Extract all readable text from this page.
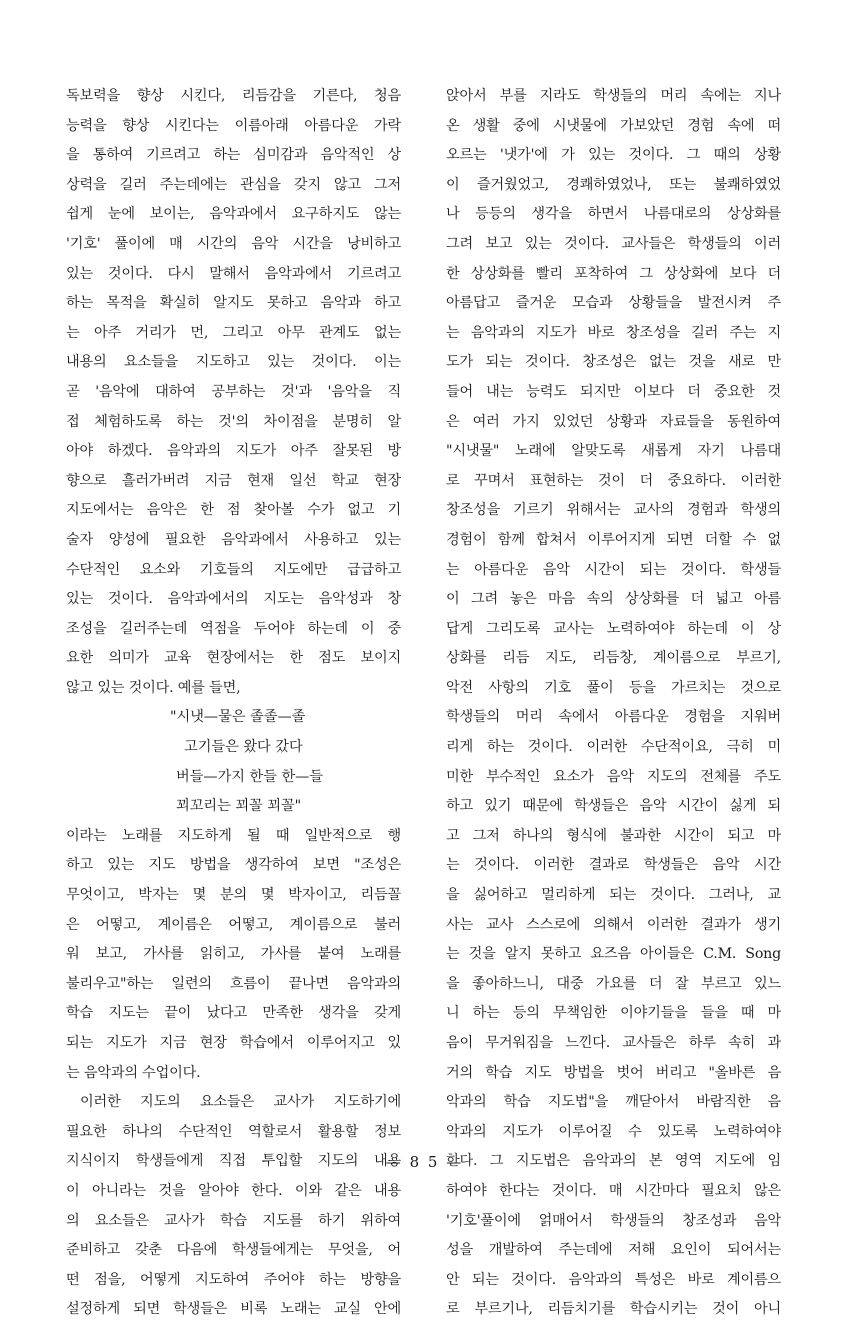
독보력을 향상 시킨다, 리듬감을 기른다, 청음
능력을 향상 시킨다는 이름아래 아름다운 가락
을 통하여 기르려고 하는 심미감과 음악적인 상
상력을 길러 주는데에는 관심을 갖지 않고 그저
쉽게 눈에 보이는, 음악과에서 요구하지도 않는
'기호' 풀이에 매 시간의 음악 시간을 낭비하고
있는 것이다. 다시 말해서 음악과에서 기르려고
하는 목적을 확실히 알지도 못하고 음악과 하고
는 아주 거리가 먼, 그리고 아무 관계도 없는
내용의 요소들을 지도하고 있는 것이다. 이는
곧 '음악에 대하여 공부하는 것'과 '음악을 직
접 체험하도록 하는 것'의 차이점을 분명히 알
아야 하겠다. 음악과의 지도가 아주 잘못된 방
향으로 흘러가버려 지금 현재 일선 학교 현장
지도에서는 음악은 한 점 찾아볼 수가 없고 기
술자 양성에 필요한 음악과에서 사용하고 있는
수단적인 요소와 기호들의 지도에만 급급하고
있는 것이다. 음악과에서의 지도는 음악성과 창
조성을 길러주는데 역점을 두어야 하는데 이 중
요한 의미가 교육 현장에서는 한 점도 보이지
않고 있는 것이다. 예를 들면,
"시냇—물은 졸졸—졸
고기들은 왔다 갔다
버들—가지 한들 한—들
꾀꼬리는 꾀꼴 꾀꼴"
이라는 노래를 지도하게 될 때 일반적으로 행
하고 있는 지도 방법을 생각하여 보면 "조성은
무엇이고, 박자는 몇 분의 몇 박자이고, 리듬꼴
은 어떻고, 계이름은 어떻고, 계이름으로 불러
워 보고, 가사를 읽히고, 가사를 붙여 노래를
불리우고"하는 일련의 흐름이 끝나면 음악과의
학습 지도는 끝이 났다고 만족한 생각을 갖게
되는 지도가 지금 현장 학습에서 이루어지고 있
는 음악과의 수업이다.
이러한 지도의 요소들은 교사가 지도하기에
필요한 하나의 수단적인 역할로서 활용할 정보
지식이지 학생들에게 직접 투입할 지도의 내용
이 아니라는 것을 알아야 한다. 이와 같은 내용
의 요소들은 교사가 학습 지도를 하기 위하여
준비하고 갖춘 다음에 학생들에게는 무엇을, 어
떤 점을, 어떻게 지도하여 주어야 하는 방향을
설정하게 되면 학생들은 비록 노래는 교실 안에
앉아서 부를 지라도 학생들의 머리 속에는 지나
온 생활 중에 시냇물에 가보았던 경험 속에 떠
오르는 '냇가'에 가 있는 것이다. 그 때의 상황
이 즐거웠었고, 경쾌하였었나, 또는 불쾌하였었
나 등등의 생각을 하면서 나름대로의 상상화를
그려 보고 있는 것이다. 교사들은 학생들의 이러
한 상상화를 빨리 포착하여 그 상상화에 보다 더
아름답고 즐거운 모습과 상황들을 발전시켜 주
는 음악과의 지도가 바로 창조성을 길러 주는 지
도가 되는 것이다. 창조성은 없는 것을 새로 만
들어 내는 능력도 되지만 이보다 더 중요한 것
은 여러 가지 있었던 상황과 자료들을 동원하여
"시냇물" 노래에 알맞도록 새롭게 자기 나름대
로 꾸며서 표현하는 것이 더 중요하다. 이러한
창조성을 기르기 위해서는 교사의 경험과 학생의
경험이 함께 합쳐서 이루어지게 되면 더할 수 없
는 아름다운 음악 시간이 되는 것이다. 학생들
이 그려 놓은 마음 속의 상상화를 더 넓고 아름
답게 그리도록 교사는 노력하여야 하는데 이 상
상화를 리듬 지도, 리듬창, 계이름으로 부르기,
악전 사항의 기호 풀이 등을 가르치는 것으로
학생들의 머리 속에서 아름다운 경험을 지워버
리게 하는 것이다. 이러한 수단적이요, 극히 미
미한 부수적인 요소가 음악 지도의 전체를 주도
하고 있기 때문에 학생들은 음악 시간이 싫게 되
고 그저 하나의 형식에 불과한 시간이 되고 마
는 것이다. 이러한 결과로 학생들은 음악 시간
을 싫어하고 멀리하게 되는 것이다. 그러나, 교
사는 교사 스스로에 의해서 이러한 결과가 생기
는 것을 알지 못하고 요즈음 아이들은 C.M. Song
을 좋아하느니, 대중 가요를 더 잘 부르고 있느
니 하는 등의 무책임한 이야기들을 들을 때 마
음이 무거워짐을 느낀다. 교사들은 하루 속히 과
거의 학습 지도 방법을 벗어 버리고 "올바른 음
악과의 학습 지도법"을 깨닫아서 바람직한 음
악과의 지도가 이루어질 수 있도록 노력하여야
한다. 그 지도법은 음악과의 본 영역 지도에 임
하여야 한다는 것이다. 매 시간마다 필요치 않은
'기호'풀이에 얽매어서 학생들의 창조성과 음악
성을 개발하여 주는데에 저해 요인이 되어서는
안 되는 것이다. 음악과의 특성은 바로 계이름으
로 부르기나, 리듬치기를 학습시키는 것이 아니
— 8 5 —
